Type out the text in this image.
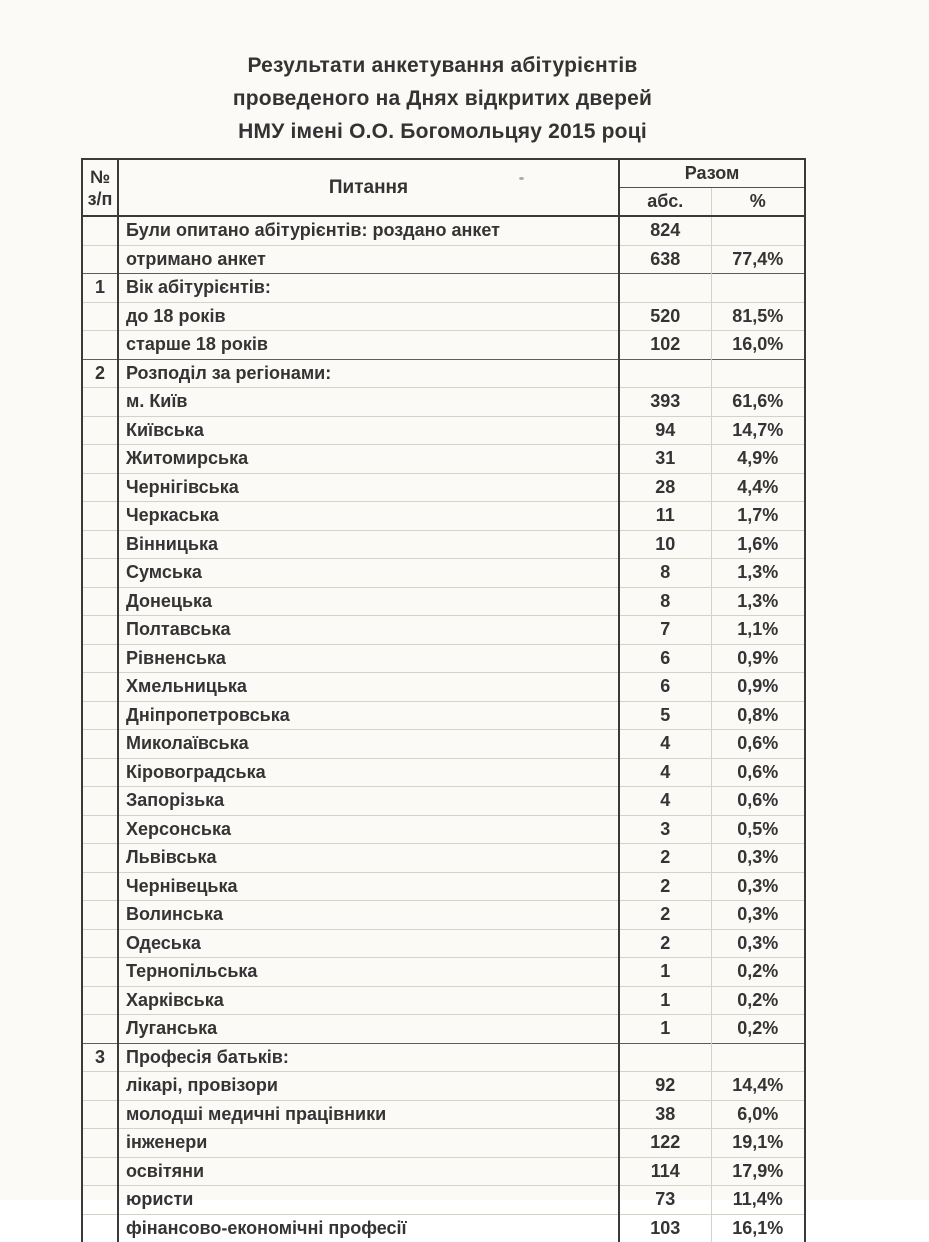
Результати анкетування абітурієнтів
проведеного на Днях відкритих дверей
НМУ імені О.О. Богомольцяу 2015 році
№
з/п	Питання	Разом	
		абс.	%
	Були опитано абітурієнтів: роздано анкет	824	
	отримано анкет	638	77,4%
1	Вік абітурієнтів:		
	до 18 років	520	81,5%
	старше 18 років	102	16,0%
2	Розподіл за регіонами:		
	м. Київ	393	61,6%
	Київська	94	14,7%
	Житомирська	31	4,9%
	Чернігівська	28	4,4%
	Черкаська	11	1,7%
	Вінницька	10	1,6%
	Сумська	8	1,3%
	Донецька	8	1,3%
	Полтавська	7	1,1%
	Рівненська	6	0,9%
	Хмельницька	6	0,9%
	Дніпропетровська	5	0,8%
	Миколаївська	4	0,6%
	Кіровоградська	4	0,6%
	Запорізька	4	0,6%
	Херсонська	3	0,5%
	Львівська	2	0,3%
	Чернівецька	2	0,3%
	Волинська	2	0,3%
	Одеська	2	0,3%
	Тернопільська	1	0,2%
	Харківська	1	0,2%
	Луганська	1	0,2%
3	Професія батьків:		
	лікарі, провізори	92	14,4%
	молодші медичні працівники	38	6,0%
	інженери	122	19,1%
	освітяни	114	17,9%
	юристи	73	11,4%
	фінансово-економічні професії	103	16,1%
